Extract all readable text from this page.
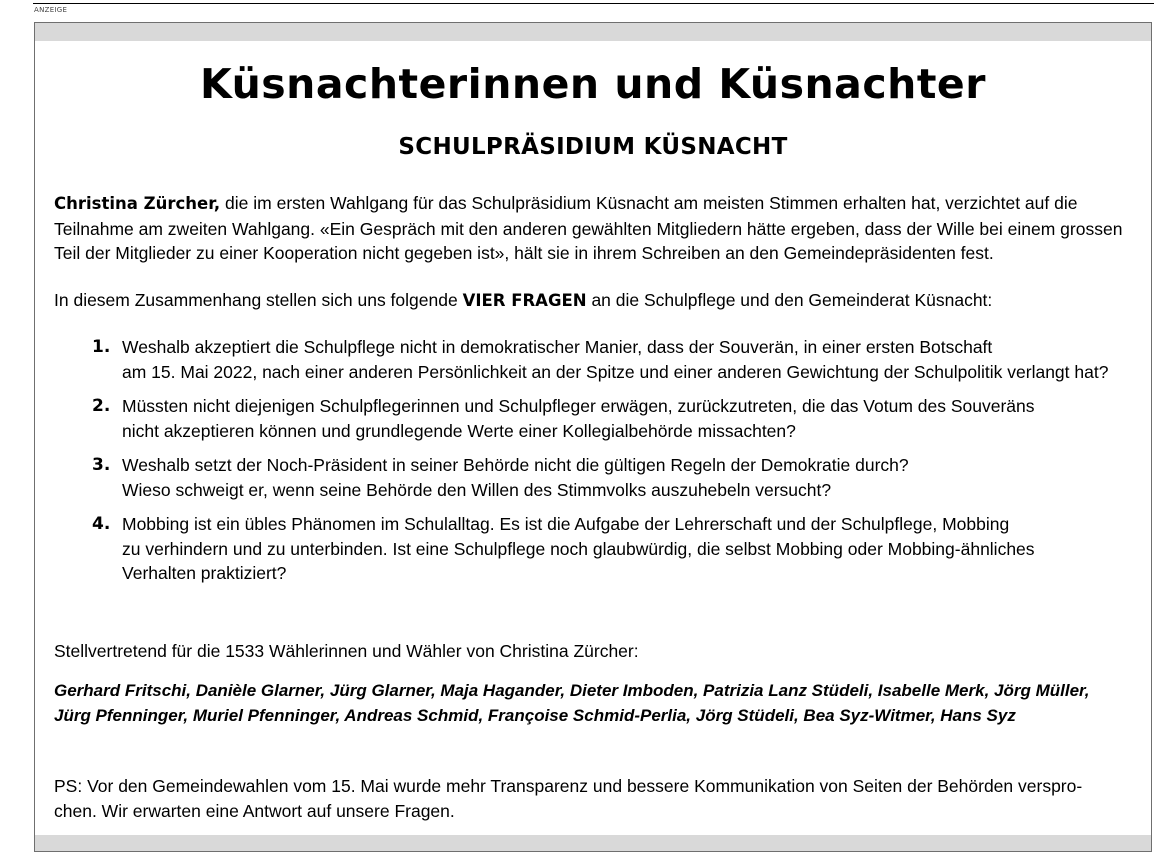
ANZEIGE
Küsnachterinnen und Küsnachter
SCHULPRÄSIDIUM KÜSNACHT

Christina Zürcher, die im ersten Wahlgang für das Schulpräsidium Küsnacht am meisten Stimmen erhalten hat, verzichtet auf die Teilnahme am zweiten Wahlgang. «Ein Gespräch mit den anderen gewählten Mitgliedern hätte ergeben, dass der Wille bei einem grossen Teil der Mitglieder zu einer Kooperation nicht gegeben ist», hält sie in ihrem Schreiben an den Gemeindepräsidenten fest.

In diesem Zusammenhang stellen sich uns folgende VIER FRAGEN an die Schulpflege und den Gemeinderat Küsnacht:

1. Weshalb akzeptiert die Schulpflege nicht in demokratischer Manier, dass der Souverän, in einer ersten Botschaft
am 15. Mai 2022, nach einer anderen Persönlichkeit an der Spitze und einer anderen Gewichtung der Schulpolitik verlangt hat?
2. Müssten nicht diejenigen Schulpflegerinnen und Schulpfleger erwägen, zurückzutreten, die das Votum des Souveräns
nicht akzeptieren können und grundlegende Werte einer Kollegialbehörde missachten?
3. Weshalb setzt der Noch-Präsident in seiner Behörde nicht die gültigen Regeln der Demokratie durch?
Wieso schweigt er, wenn seine Behörde den Willen des Stimmvolks auszuhebeln versucht?
4. Mobbing ist ein übles Phänomen im Schulalltag. Es ist die Aufgabe der Lehrerschaft und der Schulpflege, Mobbing
zu verhindern und zu unterbinden. Ist eine Schulpflege noch glaubwürdig, die selbst Mobbing oder Mobbing-ähnliches
Verhalten praktiziert?

Stellvertretend für die 1533 Wählerinnen und Wähler von Christina Zürcher:

Gerhard Fritschi, Danièle Glarner, Jürg Glarner, Maja Hagander, Dieter Imboden, Patrizia Lanz Stüdeli, Isabelle Merk, Jörg Müller,
Jürg Pfenninger, Muriel Pfenninger, Andreas Schmid, Françoise Schmid-Perlia, Jörg Stüdeli, Bea Syz-Witmer, Hans Syz

PS: Vor den Gemeindewahlen vom 15. Mai wurde mehr Transparenz und bessere Kommunikation von Seiten der Behörden verspro-
chen. Wir erwarten eine Antwort auf unsere Fragen.
